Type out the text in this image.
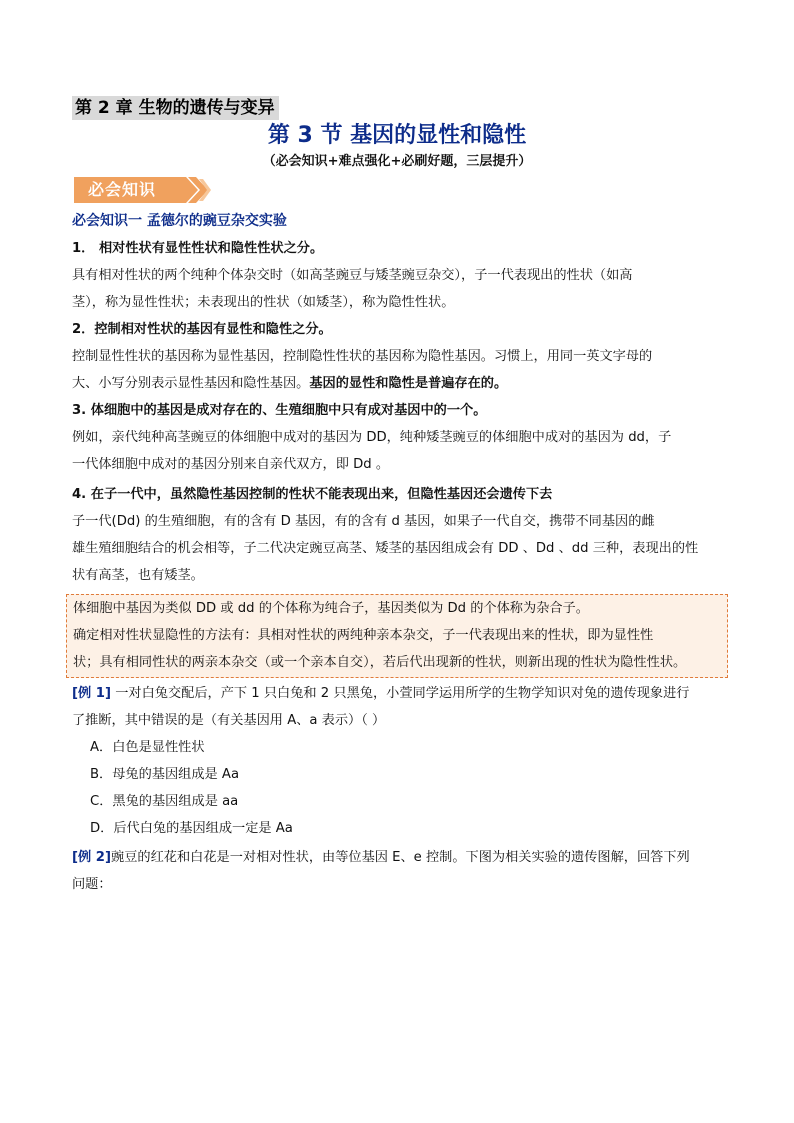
第 2 章 生物的遗传与变异
第 3 节 基因的显性和隐性
（必会知识+难点强化+必刷好题，三层提升）
必会知识
必会知识一 孟德尔的豌豆杂交实验
1． 相对性状有显性性状和隐性性状之分。
具有相对性状的两个纯种个体杂交时（如高茎豌豆与矮茎豌豆杂交），子一代表现出的性状（如高
茎），称为显性性状；未表现出的性状（如矮茎），称为隐性性状。
2．控制相对性状的基因有显性和隐性之分。
控制显性性状的基因称为显性基因，控制隐性性状的基因称为隐性基因。习惯上，用同一英文字母的
大、小写分别表示显性基因和隐性基因。基因的显性和隐性是普遍存在的。
3. 体细胞中的基因是成对存在的、生殖细胞中只有成对基因中的一个。
例如，亲代纯种高茎豌豆的体细胞中成对的基因为 DD，纯种矮茎豌豆的体细胞中成对的基因为 dd，子
一代体细胞中成对的基因分别来自亲代双方，即 Dd 。
4. 在子一代中，虽然隐性基因控制的性状不能表现出来，但隐性基因还会遗传下去
子一代(Dd) 的生殖细胞，有的含有 D 基因，有的含有 d 基因，如果子一代自交，携带不同基因的雌
雄生殖细胞结合的机会相等，子二代决定豌豆高茎、矮茎的基因组成会有 DD 、Dd 、dd 三种，表现出的性
状有高茎，也有矮茎。
体细胞中基因为类似 DD 或 dd 的个体称为纯合子，基因类似为 Dd 的个体称为杂合子。
确定相对性状显隐性的方法有：具相对性状的两纯种亲本杂交，子一代表现出来的性状，即为显性性
状；具有相同性状的两亲本杂交（或一个亲本自交），若后代出现新的性状，则新出现的性状为隐性性状。
[例 1] 一对白兔交配后，产下 1 只白兔和 2 只黑兔，小萱同学运用所学的生物学知识对兔的遗传现象进行
了推断，其中错误的是（有关基因用 A、a 表示）（ ）
A．白色是显性性状
B．母兔的基因组成是 Aa
C．黑兔的基因组成是 aa
D．后代白兔的基因组成一定是 Aa
[例 2]豌豆的红花和白花是一对相对性状，由等位基因 E、e 控制。下图为相关实验的遗传图解，回答下列
问题：
